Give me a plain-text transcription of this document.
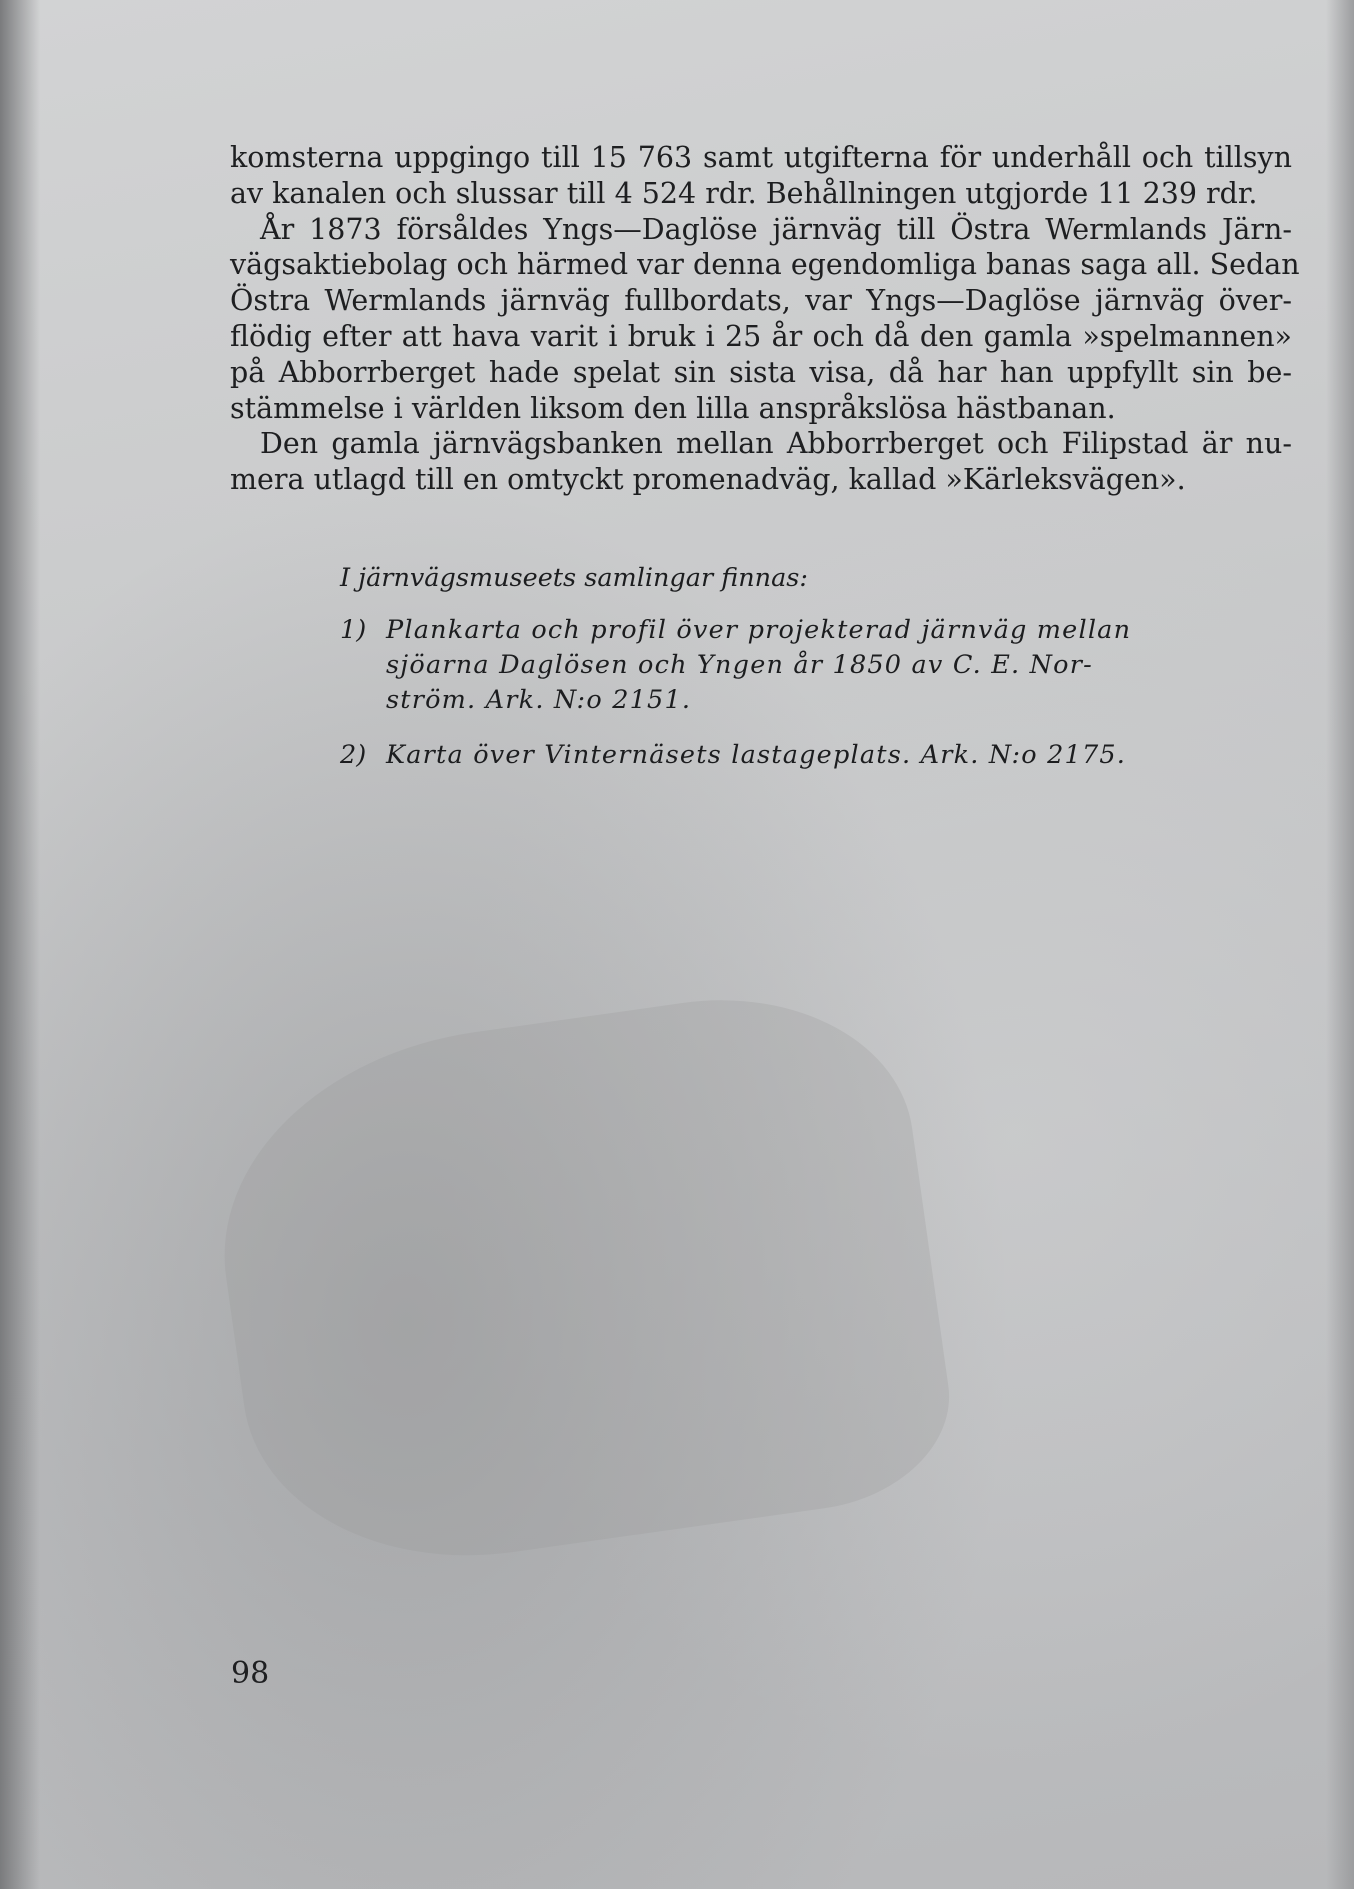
komsterna uppgingo till 15 763 samt utgifterna för underhåll och tillsyn
av kanalen och slussar till 4 524 rdr. Behållningen utgjorde 11 239 rdr.
År 1873 försåldes Yngs—Daglöse järnväg till Östra Wermlands Järn-
vägsaktiebolag och härmed var denna egendomliga banas saga all. Sedan
Östra Wermlands järnväg fullbordats, var Yngs—Daglöse järnväg över-
flödig efter att hava varit i bruk i 25 år och då den gamla »spelmannen»
på Abborrberget hade spelat sin sista visa, då har han uppfyllt sin be-
stämmelse i världen liksom den lilla anspråkslösa hästbanan.
Den gamla järnvägsbanken mellan Abborrberget och Filipstad är nu-
mera utlagd till en omtyckt promenadväg, kallad »Kärleksvägen».
I järnvägsmuseets samlingar finnas:
1) Plankarta och profil över projekterad järnväg mellan
sjöarna Daglösen och Yngen år 1850 av C. E. Nor-
ström. Ark. N:o 2151.
2) Karta över Vinternäsets lastageplats. Ark. N:o 2175.

98
